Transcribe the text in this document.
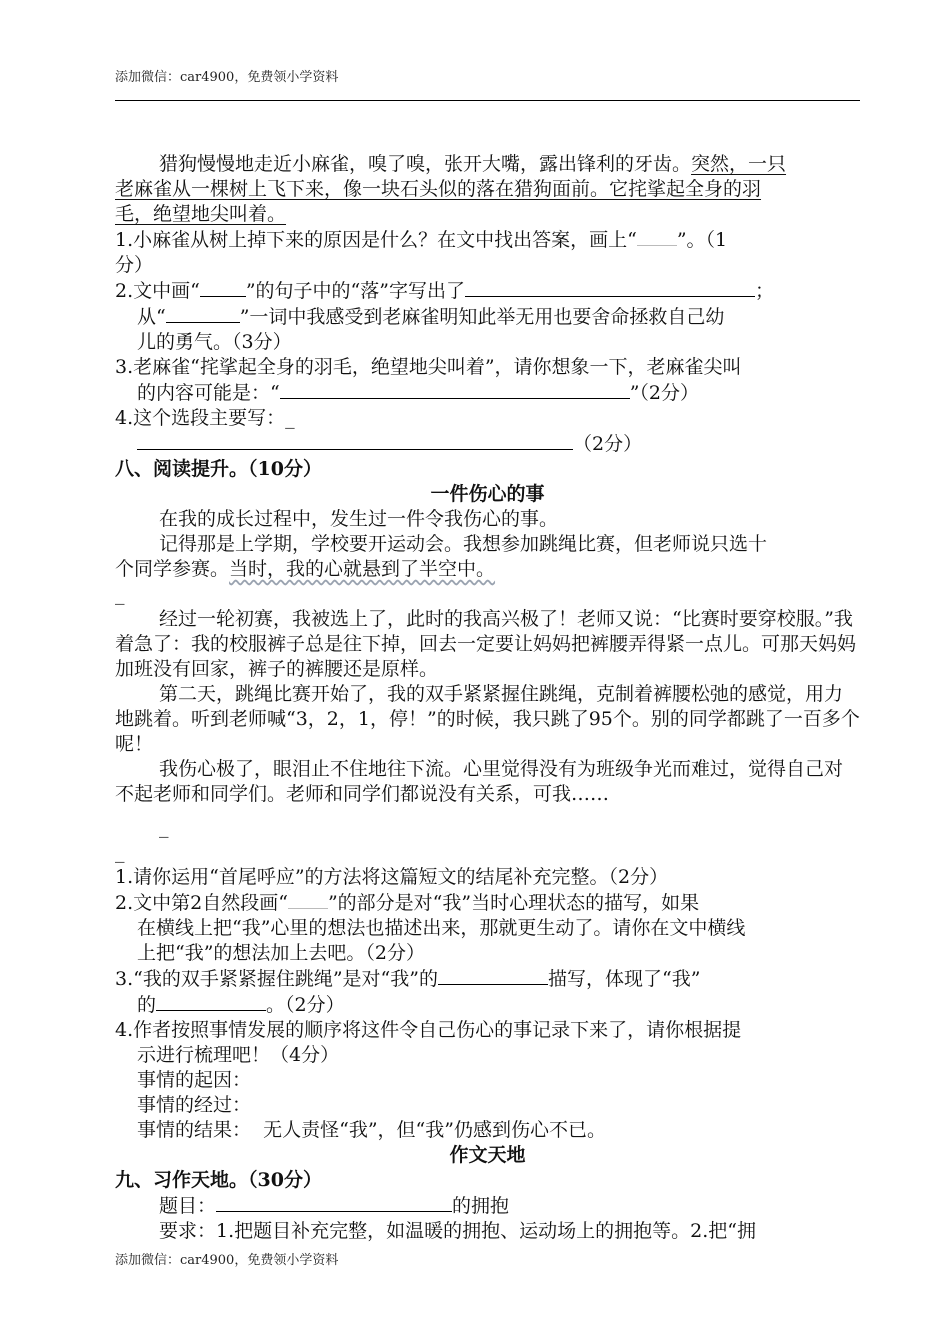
添加微信：car4900，免费领小学资料

猎狗慢慢地走近小麻雀，嗅了嗅，张开大嘴，露出锋利的牙齿。突然，一只

老麻雀从一棵树上飞下来，像一块石头似的落在猎狗面前。它挓挲起全身的羽

毛，绝望地尖叫着。

1.小麻雀从树上掉下来的原因是什么？在文中找出答案，画上“ ”。（1

分）

2.文中画“ ”的句子中的“落”字写出了	；

从“	”一词中我感受到老麻雀明知此举无用也要舍命拯救自己幼

儿的勇气。（3分）

3.老麻雀“挓挲起全身的羽毛，绝望地尖叫着”，请你想象一下，老麻雀尖叫

的内容可能是：“	”（2分）

4.这个选段主要写：_

（2分）

八、阅读提升。（10分）

一件伤心的事

在我的成长过程中，发生过一件令我伤心的事。

记得那是上学期，学校要开运动会。我想参加跳绳比赛，但老师说只选十

个同学参赛。当时，我的心就悬到了半空中。

_

经过一轮初赛，我被选上了，此时的我高兴极了！老师又说：“比赛时要穿校服。”我着急了：我的校服裤子总是往下掉，回去一定要让妈妈把裤腰弄得紧一点儿。可那天妈妈加班没有回家，裤子的裤腰还是原样。

第二天，跳绳比赛开始了，我的双手紧紧握住跳绳，克制着裤腰松弛的感觉，用力地跳着。听到老师喊“3，2，1，停！”的时候，我只跳了95个。别的同学都跳了一百多个呢！

我伤心极了，眼泪止不住地往下流。心里觉得没有为班级争光而难过，觉得自己对不起老师和同学们。老师和同学们都说没有关系，可我……

_

_

1.请你运用“首尾呼应”的方法将这篇短文的结尾补充完整。（2分）

2.文中第2自然段画“ ”的部分是对“我”当时心理状态的描写，如果

在横线上把“我”心里的想法也描述出来，那就更生动了。请你在文中横线

上把“我”的想法加上去吧。（2分）

3.“我的双手紧紧握住跳绳”是对“我”的	描写，体现了“我”

的	。（2分）

4.作者按照事情发展的顺序将这件令自己伤心的事记录下来了，请你根据提

示进行梳理吧！（4分）

事情的起因：

事情的经过：

事情的结果： 无人责怪“我”，但“我”仍感到伤心不已。

作文天地

九、习作天地。（30分）

题目：	的拥抱

要求：1.把题目补充完整，如温暖的拥抱、运动场上的拥抱等。2.把“拥

添加微信：car4900，免费领小学资料
